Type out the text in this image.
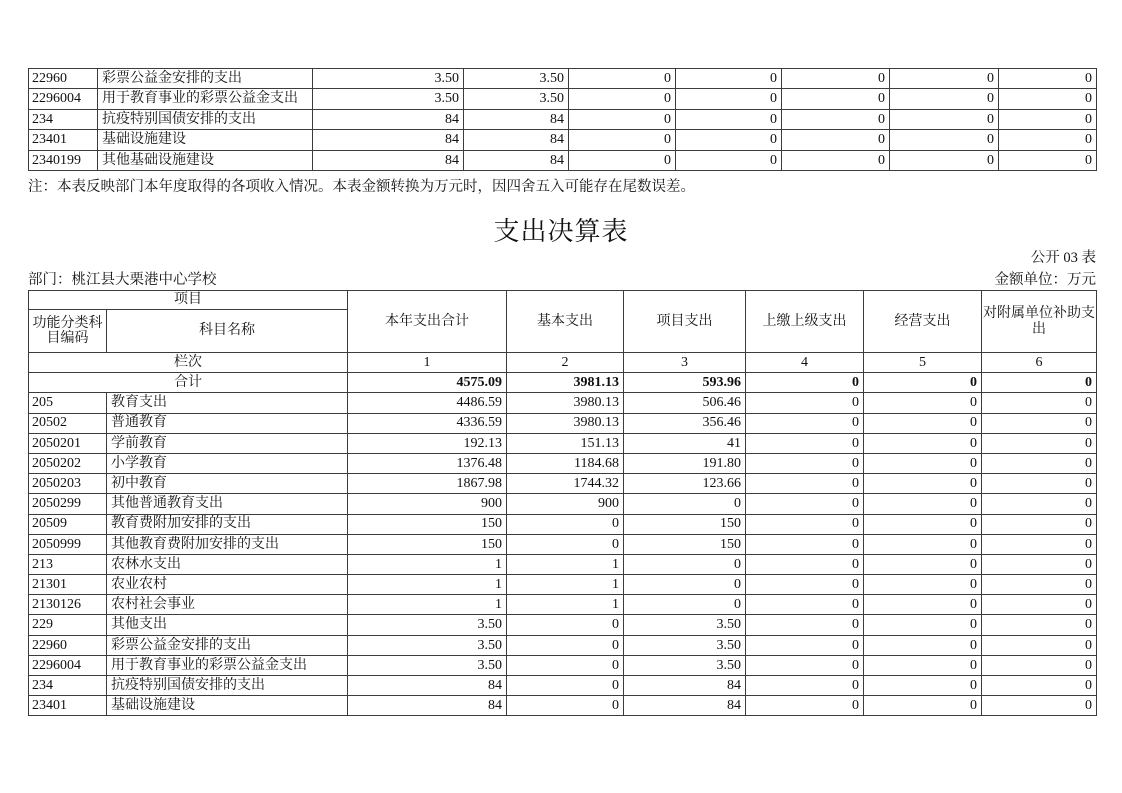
22960	彩票公益金安排的支出	3.50	3.50	0	0	0	0	0
2296004	用于教育事业的彩票公益金支出	3.50	3.50	0	0	0	0	0
234	抗疫特别国债安排的支出	84	84	0	0	0	0	0
23401	基础设施建设	84	84	0	0	0	0	0
2340199	其他基础设施建设	84	84	0	0	0	0	0
注：本表反映部门本年度取得的各项收入情况。本表金额转换为万元时，因四舍五入可能存在尾数误差。
支出决算表
公开 03 表
部门：桃江县大栗港中心学校	金额单位：万元
项目		本年支出合计	基本支出	项目支出	上缴上级支出	经营支出	对附属单位补助支出
功能分类科目编码	科目名称						
栏次		1	2	3	4	5	6
合计		4575.09	3981.13	593.96	0	0	0
205	教育支出	4486.59	3980.13	506.46	0	0	0
20502	普通教育	4336.59	3980.13	356.46	0	0	0
2050201	学前教育	192.13	151.13	41	0	0	0
2050202	小学教育	1376.48	1184.68	191.80	0	0	0
2050203	初中教育	1867.98	1744.32	123.66	0	0	0
2050299	其他普通教育支出	900	900	0	0	0	0
20509	教育费附加安排的支出	150	0	150	0	0	0
2050999	其他教育费附加安排的支出	150	0	150	0	0	0
213	农林水支出	1	1	0	0	0	0
21301	农业农村	1	1	0	0	0	0
2130126	农村社会事业	1	1	0	0	0	0
229	其他支出	3.50	0	3.50	0	0	0
22960	彩票公益金安排的支出	3.50	0	3.50	0	0	0
2296004	用于教育事业的彩票公益金支出	3.50	0	3.50	0	0	0
234	抗疫特别国债安排的支出	84	0	84	0	0	0
23401	基础设施建设	84	0	84	0	0	0
